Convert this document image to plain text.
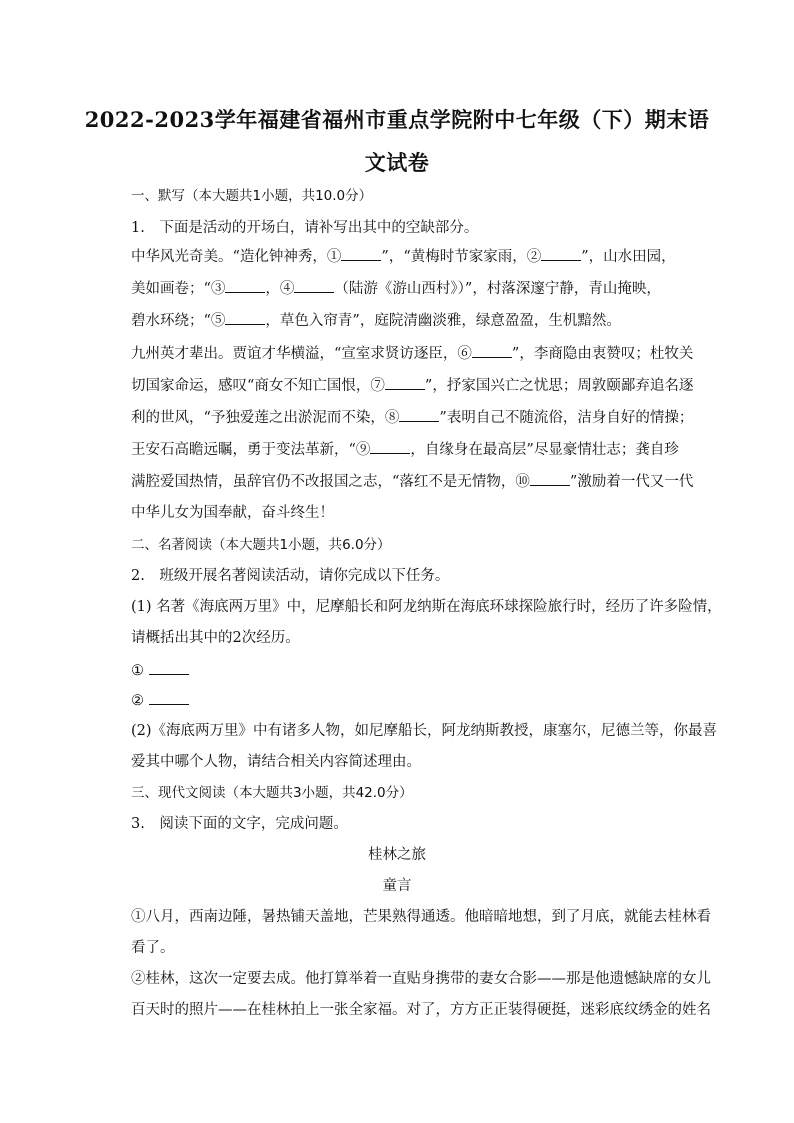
2022-2023学年福建省福州市重点学院附中七年级（下）期末语
文试卷
一、默写（本大题共1小题，共10.0分）
1.　下面是活动的开场白，请补写出其中的空缺部分。
中华风光奇美。“造化钟神秀，①	”，“黄梅时节家家雨，②	”，山水田园，
美如画卷；“③	，④	（陆游《游山西村》）”，村落深邃宁静，青山掩映，
碧水环绕；“⑤	，草色入帘青”，庭院清幽淡雅，绿意盈盈，生机黯然。
九州英才辈出。贾谊才华横溢，“宣室求贤访逐臣，⑥	”，李商隐由衷赞叹；杜牧关
切国家命运，感叹“商女不知亡国恨，⑦	”，抒家国兴亡之忧思；周敦颐鄙弃追名逐
利的世风，“予独爱莲之出淤泥而不染，⑧	”表明自己不随流俗，洁身自好的情操；
王安石高瞻远瞩，勇于变法革新，“⑨	，自缘身在最高层”尽显豪情壮志；龚自珍
满腔爱国热情，虽辞官仍不改报国之志，“落红不是无情物，⑩	”激励着一代又一代
中华儿女为国奉献，奋斗终生！
二、名著阅读（本大题共1小题，共6.0分）
2.　班级开展名著阅读活动，请你完成以下任务。
(1) 名著《海底两万里》中，尼摩船长和阿龙纳斯在海底环球探险旅行时，经历了许多险情，
请概括出其中的2次经历。
①
②
(2)《海底两万里》中有诸多人物，如尼摩船长，阿龙纳斯教授，康塞尔，尼德兰等，你最喜
爱其中哪个人物，请结合相关内容简述理由。
三、现代文阅读（本大题共3小题，共42.0分）
3.　阅读下面的文字，完成问题。
桂林之旅
童言
①八月，西南边陲，暑热铺天盖地，芒果熟得通透。他暗暗地想，到了月底，就能去桂林看
看了。
②桂林，这次一定要去成。他打算举着一直贴身携带的妻女合影——那是他遗憾缺席的女儿
百天时的照片——在桂林拍上一张全家福。对了，方方正正装得硬挺，迷彩底纹绣金的姓名
